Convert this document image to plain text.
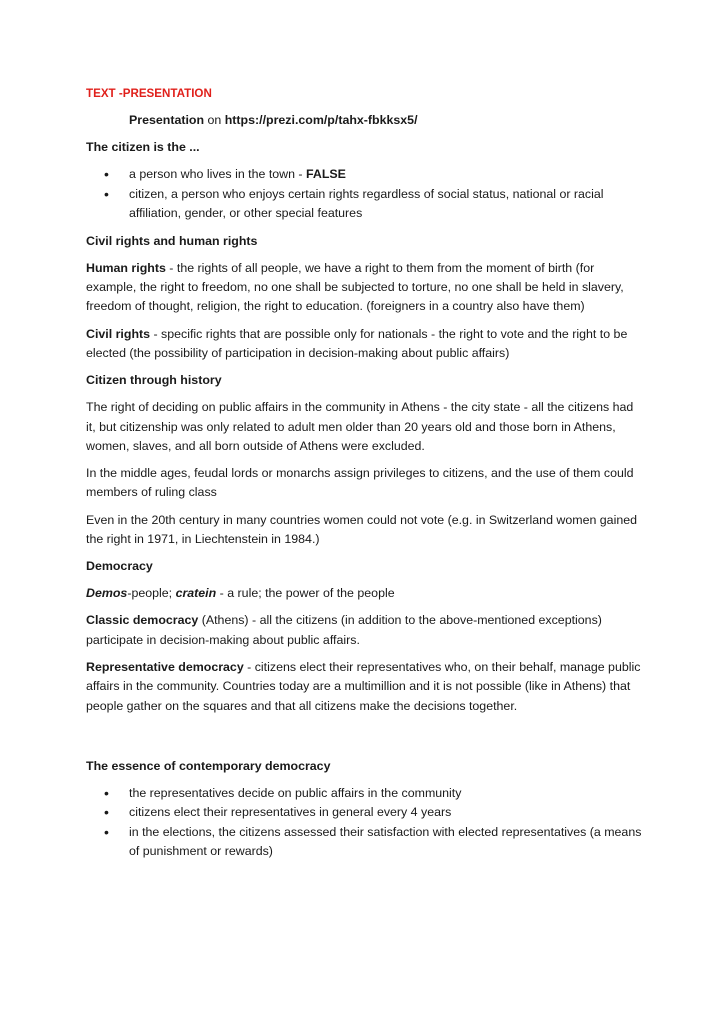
TEXT -PRESENTATION

Presentation on https://prezi.com/p/tahx-fbkksx5/

The citizen is the ...

• a person who lives in the town - FALSE
• citizen, a person who enjoys certain rights regardless of social status, national or racial affiliation, gender, or other special features

Civil rights and human rights

Human rights - the rights of all people, we have a right to them from the moment of birth (for example, the right to freedom, no one shall be subjected to torture, no one shall be held in slavery, freedom of thought, religion, the right to education. (foreigners in a country also have them)

Civil rights - specific rights that are possible only for nationals - the right to vote and the right to be elected (the possibility of participation in decision-making about public affairs)

Citizen through history

The right of deciding on public affairs in the community in Athens - the city state - all the citizens had it, but citizenship was only related to adult men older than 20 years old and those born in Athens, women, slaves, and all born outside of Athens were excluded.

In the middle ages, feudal lords or monarchs assign privileges to citizens, and the use of them could members of ruling class

Even in the 20th century in many countries women could not vote (e.g. in Switzerland women gained the right in 1971, in Liechtenstein in 1984.)

Democracy

Demos-people; cratein - a rule; the power of the people

Classic democracy (Athens) - all the citizens (in addition to the above-mentioned exceptions) participate in decision-making about public affairs.

Representative democracy - citizens elect their representatives who, on their behalf, manage public affairs in the community. Countries today are a multimillion and it is not possible (like in Athens) that people gather on the squares and that all citizens make the decisions together.

The essence of contemporary democracy

• the representatives decide on public affairs in the community
• citizens elect their representatives in general every 4 years
• in the elections, the citizens assessed their satisfaction with elected representatives (a means of punishment or rewards)
